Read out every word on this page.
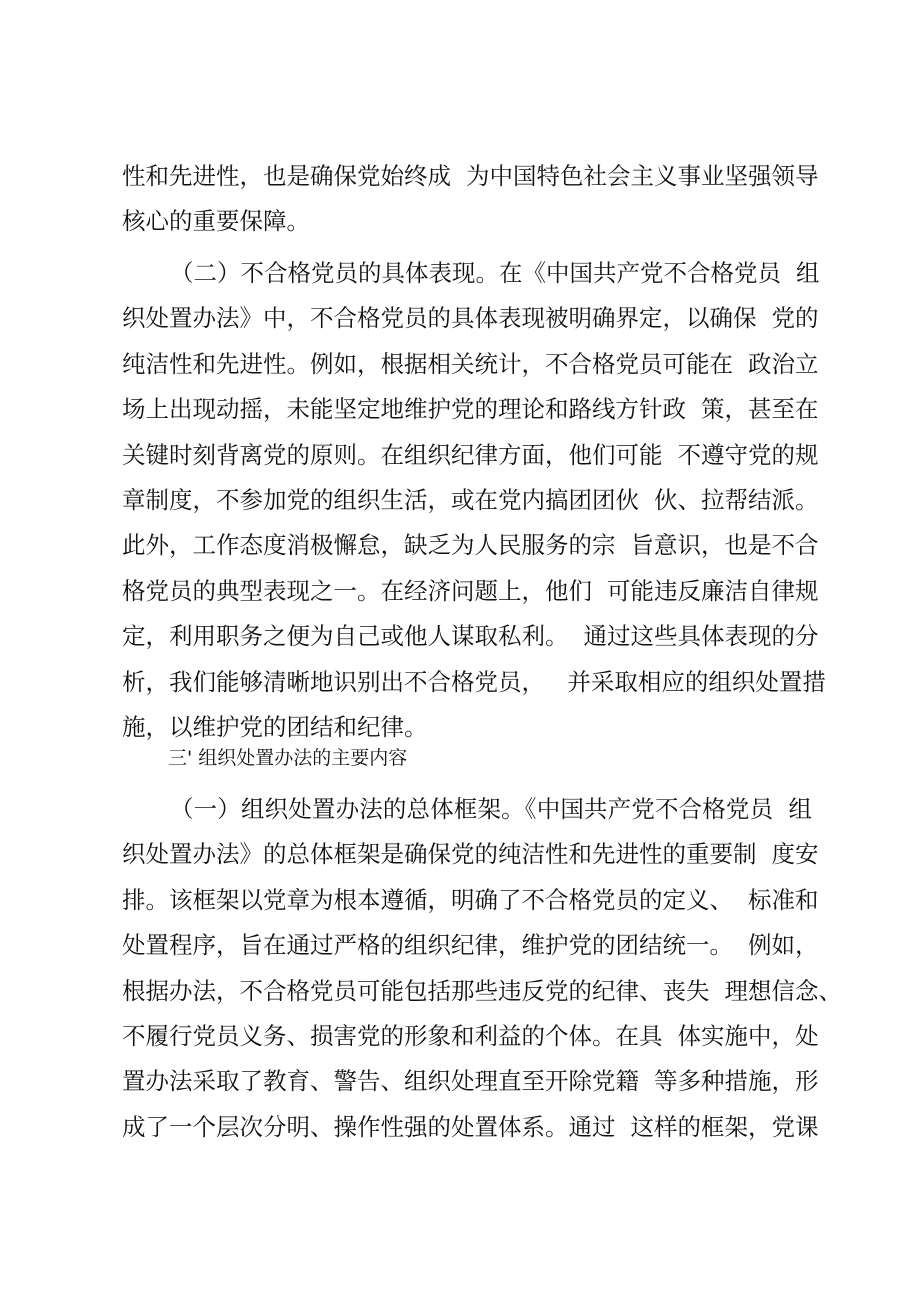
性和先进性，也是确保党始终成  为中国特色社会主义事业坚强领导
核心的重要保障。
（二）不合格党员的具体表现。在《中国共产党不合格党员  组
织处置办法》中，不合格党员的具体表现被明确界定，以确保  党的
纯洁性和先进性。例如，根据相关统计，不合格党员可能在  政治立
场上出现动摇，未能坚定地维护党的理论和路线方针政  策，甚至在
关键时刻背离党的原则。在组织纪律方面，他们可能  不遵守党的规
章制度，不参加党的组织生活，或在党内搞团团伙  伙、拉帮结派。
此外，工作态度消极懈怠，缺乏为人民服务的宗  旨意识，也是不合
格党员的典型表现之一。在经济问题上，他们  可能违反廉洁自律规
定，利用职务之便为自己或他人谋取私利。  通过这些具体表现的分
析，我们能够清晰地识别出不合格党员，   并采取相应的组织处置措
施，以维护党的团结和纪律。
三' 组织处置办法的主要内容
（一）组织处置办法的总体框架。《中国共产党不合格党员  组
织处置办法》的总体框架是确保党的纯洁性和先进性的重要制  度安
排。该框架以党章为根本遵循，明确了不合格党员的定义、  标准和
处置程序，旨在通过严格的组织纪律，维护党的团结统一。  例如，
根据办法，不合格党员可能包括那些违反党的纪律、丧失  理想信念、
不履行党员义务、损害党的形象和利益的个体。在具  体实施中，处
置办法采取了教育、警告、组织处理直至开除党籍  等多种措施，形
成了一个层次分明、操作性强的处置体系。通过  这样的框架，党课
